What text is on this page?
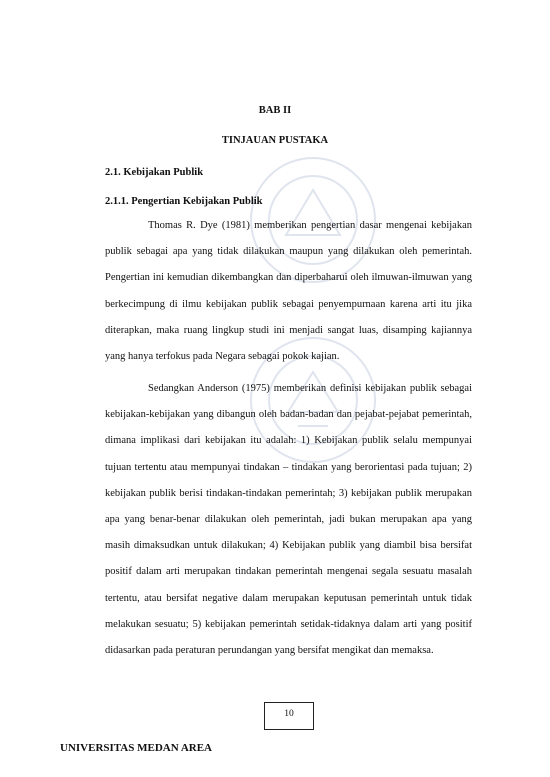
BAB II
TINJAUAN PUSTAKA
2.1. Kebijakan Publik
2.1.1. Pengertian Kebijakan Publik

Thomas R. Dye (1981) memberikan pengertian dasar mengenai kebijakan publik sebagai apa yang tidak dilakukan maupun yang dilakukan oleh pemerintah. Pengertian ini kemudian dikembangkan dan diperbaharui oleh ilmuwan-ilmuwan yang berkecimpung di ilmu kebijakan publik sebagai penyempurnaan karena arti itu jika diterapkan, maka ruang lingkup studi ini menjadi sangat luas, disamping kajiannya yang hanya terfokus pada Negara sebagai pokok kajian.

Sedangkan Anderson (1975) memberikan definisi kebijakan publik sebagai kebijakan-kebijakan yang dibangun oleh badan-badan dan pejabat-pejabat pemerintah, dimana implikasi dari kebijakan itu adalah: 1) Kebijakan publik selalu mempunyai tujuan tertentu atau mempunyai tindakan – tindakan yang berorientasi pada tujuan; 2) kebijakan publik berisi tindakan-tindakan pemerintah; 3) kebijakan publik merupakan apa yang benar-benar dilakukan oleh pemerintah, jadi bukan merupakan apa yang masih dimaksudkan untuk dilakukan; 4) Kebijakan publik yang diambil bisa bersifat positif dalam arti merupakan tindakan pemerintah mengenai segala sesuatu masalah tertentu, atau bersifat negative dalam merupakan keputusan pemerintah untuk tidak melakukan sesuatu; 5) kebijakan pemerintah setidak-tidaknya dalam arti yang positif didasarkan pada peraturan perundangan yang bersifat mengikat dan memaksa.

10

UNIVERSITAS MEDAN AREA
